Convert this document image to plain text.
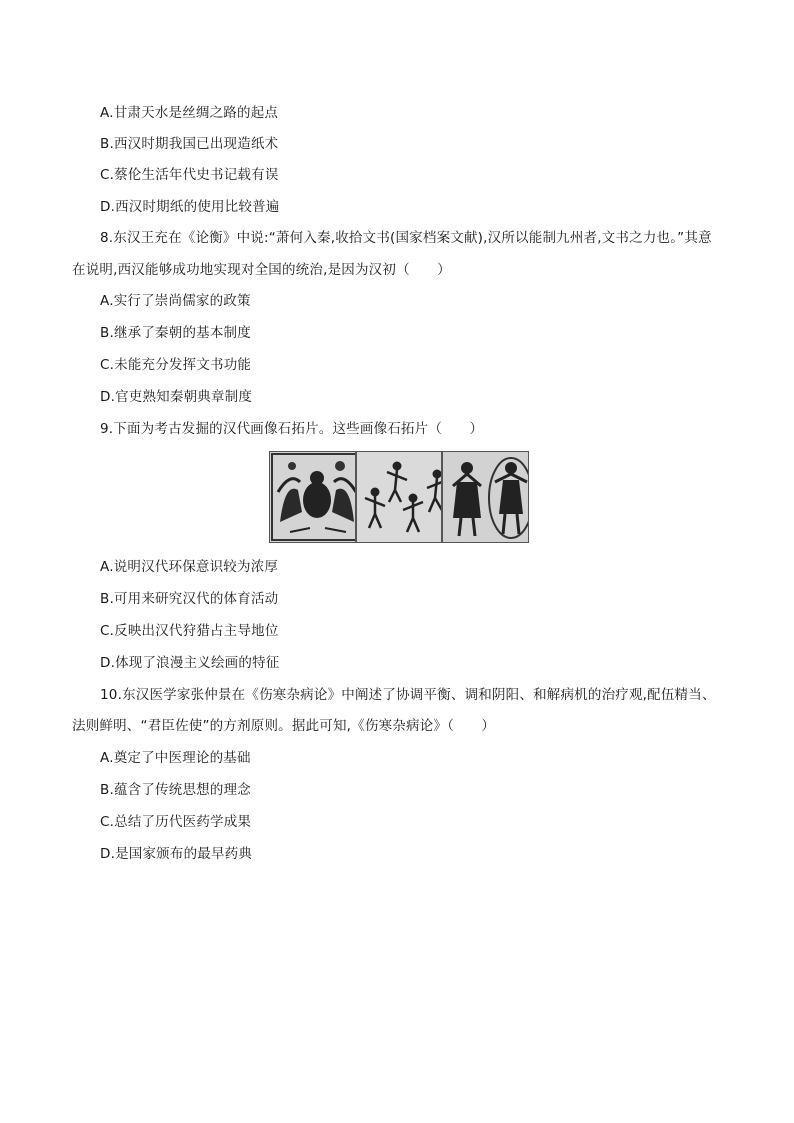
A.甘肃天水是丝绸之路的起点
B.西汉时期我国已出现造纸术
C.蔡伦生活年代史书记载有误
D.西汉时期纸的使用比较普遍
8.东汉王充在《论衡》中说:“萧何入秦,收拾文书(国家档案文献),汉所以能制九州者,文书之力也。”其意
在说明,西汉能够成功地实现对全国的统治,是因为汉初（　　）
A.实行了崇尚儒家的政策
B.继承了秦朝的基本制度
C.未能充分发挥文书功能
D.官吏熟知秦朝典章制度
9.下面为考古发掘的汉代画像石拓片。这些画像石拓片（　　）
A.说明汉代环保意识较为浓厚
B.可用来研究汉代的体育活动
C.反映出汉代狩猎占主导地位
D.体现了浪漫主义绘画的特征
10.东汉医学家张仲景在《伤寒杂病论》中阐述了协调平衡、调和阴阳、和解病机的治疗观,配伍精当、
法则鲜明、“君臣佐使”的方剂原则。据此可知,《伤寒杂病论》（　　）
A.奠定了中医理论的基础
B.蕴含了传统思想的理念
C.总结了历代医药学成果
D.是国家颁布的最早药典
